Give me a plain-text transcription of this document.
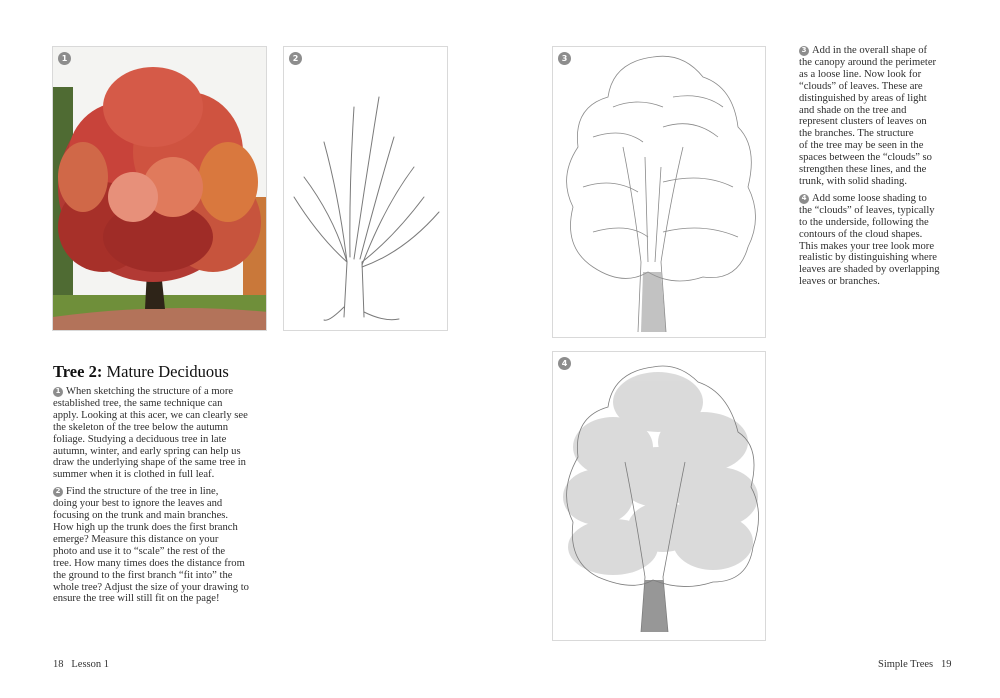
1	2	3
4
Tree 2: Mature Deciduous

1 When sketching the structure of a more
established tree, the same technique can
apply. Looking at this acer, we can clearly see
the skeleton of the tree below the autumn
foliage. Studying a deciduous tree in late
autumn, winter, and early spring can help us
draw the underlying shape of the same tree in
summer when it is clothed in full leaf.

2 Find the structure of the tree in line,
doing your best to ignore the leaves and
focusing on the trunk and main branches.
How high up the trunk does the first branch
emerge? Measure this distance on your
photo and use it to “scale” the rest of the
tree. How many times does the distance from
the ground to the first branch “fit into” the
whole tree? Adjust the size of your drawing to
ensure the tree will still fit on the page!

3 Add in the overall shape of
the canopy around the perimeter
as a loose line. Now look for
“clouds” of leaves. These are
distinguished by areas of light
and shade on the tree and
represent clusters of leaves on
the branches. The structure
of the tree may be seen in the
spaces between the “clouds” so
strengthen these lines, and the
trunk, with solid shading.

4 Add some loose shading to
the “clouds” of leaves, typically
to the underside, following the
contours of the cloud shapes.
This makes your tree look more
realistic by distinguishing where
leaves are shaded by overlapping
leaves or branches.

18 Lesson 1	Simple Trees 19
